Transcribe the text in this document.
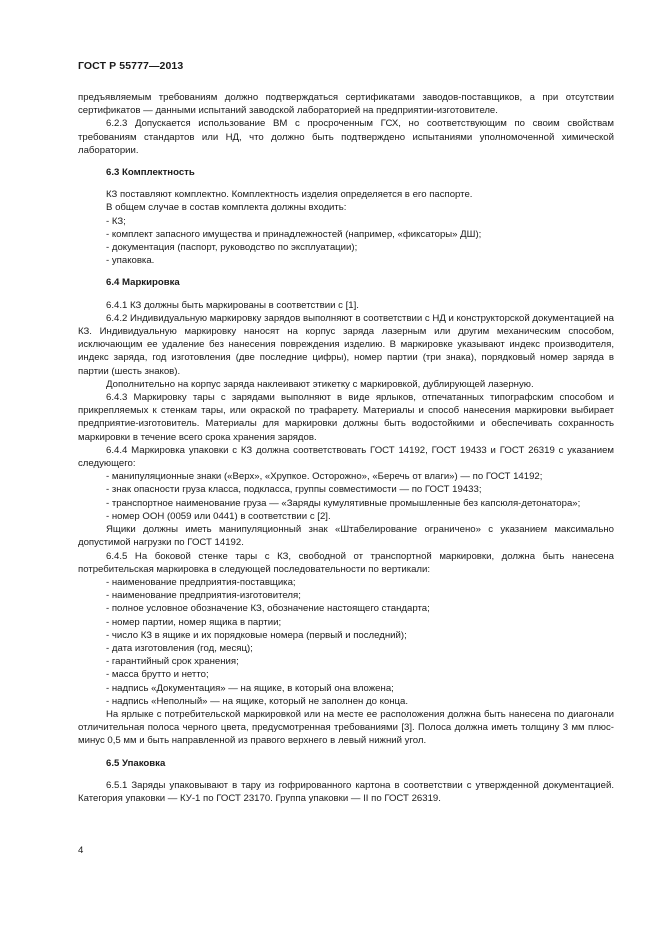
ГОСТ Р 55777—2013

предъявляемым требованиям должно подтверждаться сертификатами заводов-поставщиков, а при отсутствии сертификатов — данными испытаний заводской лабораторией на предприятии-изготовителе.

6.2.3 Допускается использование ВМ с просроченным ГСХ, но соответствующим по своим свойствам требованиям стандартов или НД, что должно быть подтверждено испытаниями уполномоченной химической лаборатории.

6.3 Комплектность

КЗ поставляют комплектно. Комплектность изделия определяется в его паспорте.

В общем случае в состав комплекта должны входить:

- КЗ;

- комплект запасного имущества и принадлежностей (например, «фиксаторы» ДШ);

- документация (паспорт, руководство по эксплуатации);

- упаковка.

6.4 Маркировка

6.4.1 КЗ должны быть маркированы в соответствии с [1].

6.4.2 Индивидуальную маркировку зарядов выполняют в соответствии с НД и конструкторской документацией на КЗ. Индивидуальную маркировку наносят на корпус заряда лазерным или другим механическим способом, исключающим ее удаление без нанесения повреждения изделию. В маркировке указывают индекс производителя, индекс заряда, год изготовления (две последние цифры), номер партии (три знака), порядковый номер заряда в партии (шесть знаков).

Дополнительно на корпус заряда наклеивают этикетку с маркировкой, дублирующей лазерную.

6.4.3 Маркировку тары с зарядами выполняют в виде ярлыков, отпечатанных типографским способом и прикрепляемых к стенкам тары, или окраской по трафарету. Материалы и способ нанесения маркировки выбирает предприятие-изготовитель. Материалы для маркировки должны быть водостойкими и обеспечивать сохранность маркировки в течение всего срока хранения зарядов.

6.4.4 Маркировка упаковки с КЗ должна соответствовать ГОСТ 14192, ГОСТ 19433 и ГОСТ 26319 с указанием следующего:

- манипуляционные знаки («Верх», «Хрупкое. Осторожно», «Беречь от влаги») — по ГОСТ 14192;

- знак опасности груза класса, подкласса, группы совместимости — по ГОСТ 19433;

- транспортное наименование груза — «Заряды кумулятивные промышленные без капсюля-детонатора»;

- номер ООН (0059 или 0441) в соответствии с [2].

Ящики должны иметь манипуляционный знак «Штабелирование ограничено» с указанием максимально допустимой нагрузки по ГОСТ 14192.

6.4.5 На боковой стенке тары с КЗ, свободной от транспортной маркировки, должна быть нанесена потребительская маркировка в следующей последовательности по вертикали:

- наименование предприятия-поставщика;

- наименование предприятия-изготовителя;

- полное условное обозначение КЗ, обозначение настоящего стандарта;

- номер партии, номер ящика в партии;

- число КЗ в ящике и их порядковые номера (первый и последний);

- дата изготовления (год, месяц);

- гарантийный срок хранения;

- масса брутто и нетто;

- надпись «Документация» — на ящике, в который она вложена;

- надпись «Неполный» — на ящике, который не заполнен до конца.

На ярлыке с потребительской маркировкой или на месте ее расположения должна быть нанесена по диагонали отличительная полоса черного цвета, предусмотренная требованиями [3]. Полоса должна иметь толщину 3 мм плюс-минус 0,5 мм и быть направленной из правого верхнего в левый нижний угол.

6.5 Упаковка

6.5.1 Заряды упаковывают в тару из гофрированного картона в соответствии с утвержденной документацией. Категория упаковки — КУ-1 по ГОСТ 23170. Группа упаковки — II по ГОСТ 26319.

4
